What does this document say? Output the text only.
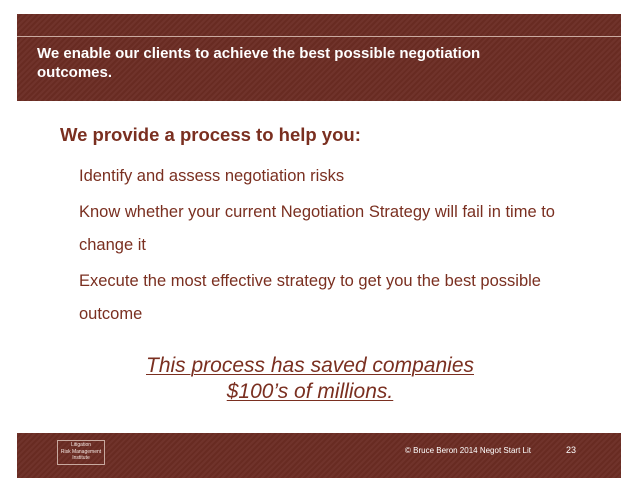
We enable our clients to achieve the best possible negotiation outcomes.
We provide a process to help you:
Identify and assess negotiation risks
Know whether your current Negotiation Strategy will fail in time to change it
Execute the most effective strategy to get you the best possible outcome
This process has saved companies
$100’s of millions.
Litigation
Risk Management
Institute
© Bruce Beron 2014 Negot Start Lit	23
